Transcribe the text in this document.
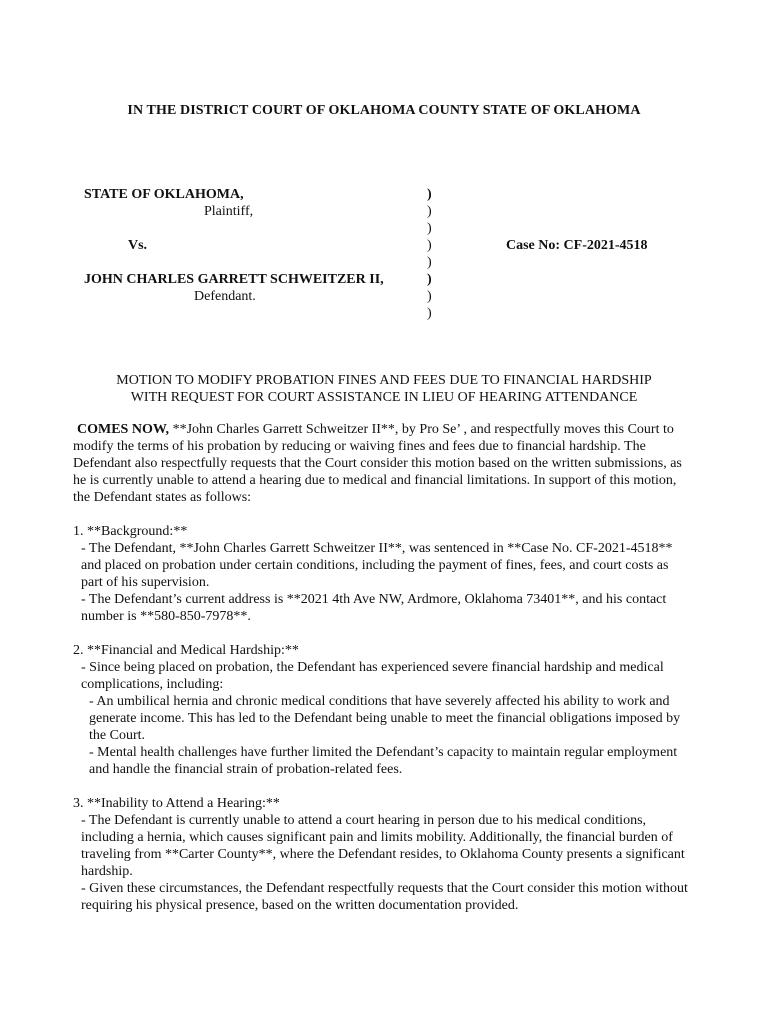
IN THE DISTRICT COURT OF OKLAHOMA COUNTY STATE OF OKLAHOMA
STATE OF OKLAHOMA,
Plaintiff,
Vs.
JOHN CHARLES GARRETT SCHWEITZER II,
Defendant.
)
)
)
)
)
)
)
)
Case No: CF-2021-4518
MOTION TO MODIFY PROBATION FINES AND FEES DUE TO FINANCIAL HARDSHIP
WITH REQUEST FOR COURT ASSISTANCE IN LIEU OF HEARING ATTENDANCE

COMES NOW, **John Charles Garrett Schweitzer II**, by Pro Se’ , and respectfully moves this Court to modify the terms of his probation by reducing or waiving fines and fees due to financial hardship. The Defendant also respectfully requests that the Court consider this motion based on the written submissions, as he is currently unable to attend a hearing due to medical and financial limitations. In support of this motion, the Defendant states as follows:

1. **Background:**

- The Defendant, **John Charles Garrett Schweitzer II**, was sentenced in **Case No. CF-2021-4518** and placed on probation under certain conditions, including the payment of fines, fees, and court costs as part of his supervision.

- The Defendant’s current address is **2021 4th Ave NW, Ardmore, Oklahoma 73401**, and his contact number is **580-850-7978**.

2. **Financial and Medical Hardship:**

- Since being placed on probation, the Defendant has experienced severe financial hardship and medical complications, including:

- An umbilical hernia and chronic medical conditions that have severely affected his ability to work and generate income. This has led to the Defendant being unable to meet the financial obligations imposed by the Court.

- Mental health challenges have further limited the Defendant’s capacity to maintain regular employment and handle the financial strain of probation-related fees.

3. **Inability to Attend a Hearing:**

- The Defendant is currently unable to attend a court hearing in person due to his medical conditions, including a hernia, which causes significant pain and limits mobility. Additionally, the financial burden of traveling from **Carter County**, where the Defendant resides, to Oklahoma County presents a significant hardship.

- Given these circumstances, the Defendant respectfully requests that the Court consider this motion without requiring his physical presence, based on the written documentation provided.
